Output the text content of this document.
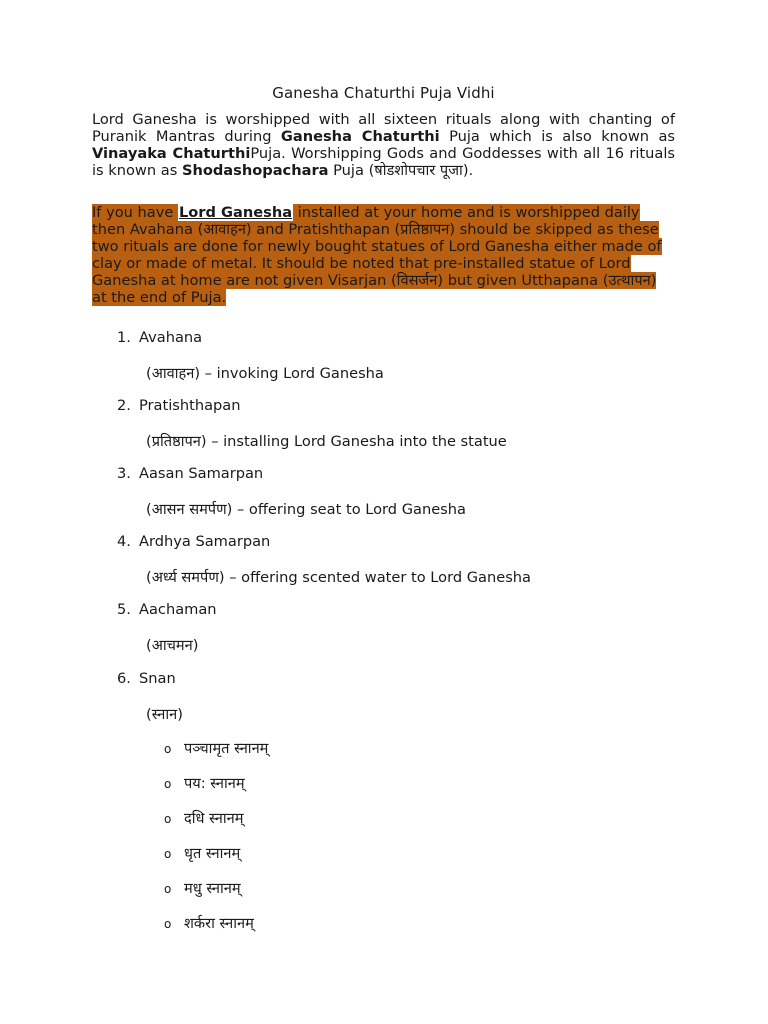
Ganesha Chaturthi Puja Vidhi

Lord Ganesha is worshipped with all sixteen rituals along with chanting of Puranik Mantras during Ganesha Chaturthi Puja which is also known as Vinayaka ChaturthiPuja. Worshipping Gods and Goddesses with all 16 rituals is known as Shodashopachara Puja (षोडशोपचार पूजा).

If you have Lord Ganesha installed at your home and is worshipped daily then Avahana (आवाहन) and Pratishthapan (प्रतिष्ठापन) should be skipped as these two rituals are done for newly bought statues of Lord Ganesha either made of clay or made of metal. It should be noted that pre-installed statue of Lord Ganesha at home are not given Visarjan (विसर्जन) but given Utthapana (उत्थापन) at the end of Puja.
1. Avahana
(आवाहन) – invoking Lord Ganesha
2. Pratishthapan
(प्रतिष्ठापन) – installing Lord Ganesha into the statue
3. Aasan Samarpan
(आसन समर्पण) – offering seat to Lord Ganesha
4. Ardhya Samarpan
(अर्ध्य समर्पण) – offering scented water to Lord Ganesha
5. Aachaman
(आचमन)
6. Snan
(स्नान)
o पञ्चामृत स्नानम्
o पय: स्नानम्
o दधि स्नानम्
o धृत स्नानम्
o मधु स्नानम्
o शर्करा स्नानम्
